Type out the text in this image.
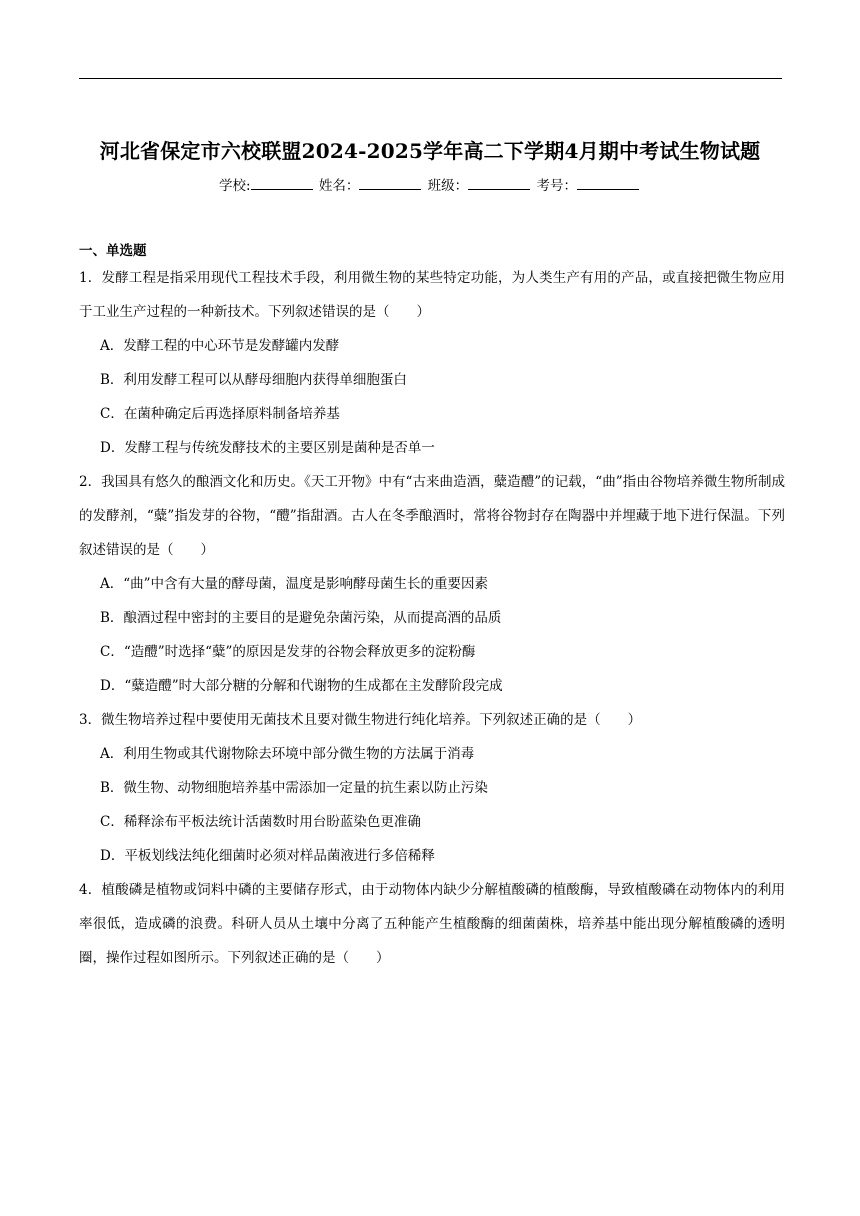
河北省保定市六校联盟2024-2025学年高二下学期4月期中考试生物试题
学校:	姓名：	班级：	考号：
一、单选题
1．发酵工程是指采用现代工程技术手段，利用微生物的某些特定功能，为人类生产有用的产品，或直接把微生物应用于工业生产过程的一种新技术。下列叙述错误的是（　　）
A．发酵工程的中心环节是发酵罐内发酵
B．利用发酵工程可以从酵母细胞内获得单细胞蛋白
C．在菌种确定后再选择原料制备培养基
D．发酵工程与传统发酵技术的主要区别是菌种是否单一
2．我国具有悠久的酿酒文化和历史。《天工开物》中有“古来曲造酒，糵造醴”的记载，“曲”指由谷物培养微生物所制成的发酵剂，“糵”指发芽的谷物，“醴”指甜酒。古人在冬季酿酒时，常将谷物封存在陶器中并埋藏于地下进行保温。下列叙述错误的是（　　）
A．“曲”中含有大量的酵母菌，温度是影响酵母菌生长的重要因素
B．酿酒过程中密封的主要目的是避免杂菌污染，从而提高酒的品质
C．“造醴”时选择“糵”的原因是发芽的谷物会释放更多的淀粉酶
D．“糵造醴”时大部分糖的分解和代谢物的生成都在主发酵阶段完成
3．微生物培养过程中要使用无菌技术且要对微生物进行纯化培养。下列叙述正确的是（　　）
A．利用生物或其代谢物除去环境中部分微生物的方法属于消毒
B．微生物、动物细胞培养基中需添加一定量的抗生素以防止污染
C．稀释涂布平板法统计活菌数时用台盼蓝染色更准确
D．平板划线法纯化细菌时必须对样品菌液进行多倍稀释
4．植酸磷是植物或饲料中磷的主要储存形式，由于动物体内缺少分解植酸磷的植酸酶，导致植酸磷在动物体内的利用率很低，造成磷的浪费。科研人员从土壤中分离了五种能产生植酸酶的细菌菌株，培养基中能出现分解植酸磷的透明圈，操作过程如图所示。下列叙述正确的是（　　）
